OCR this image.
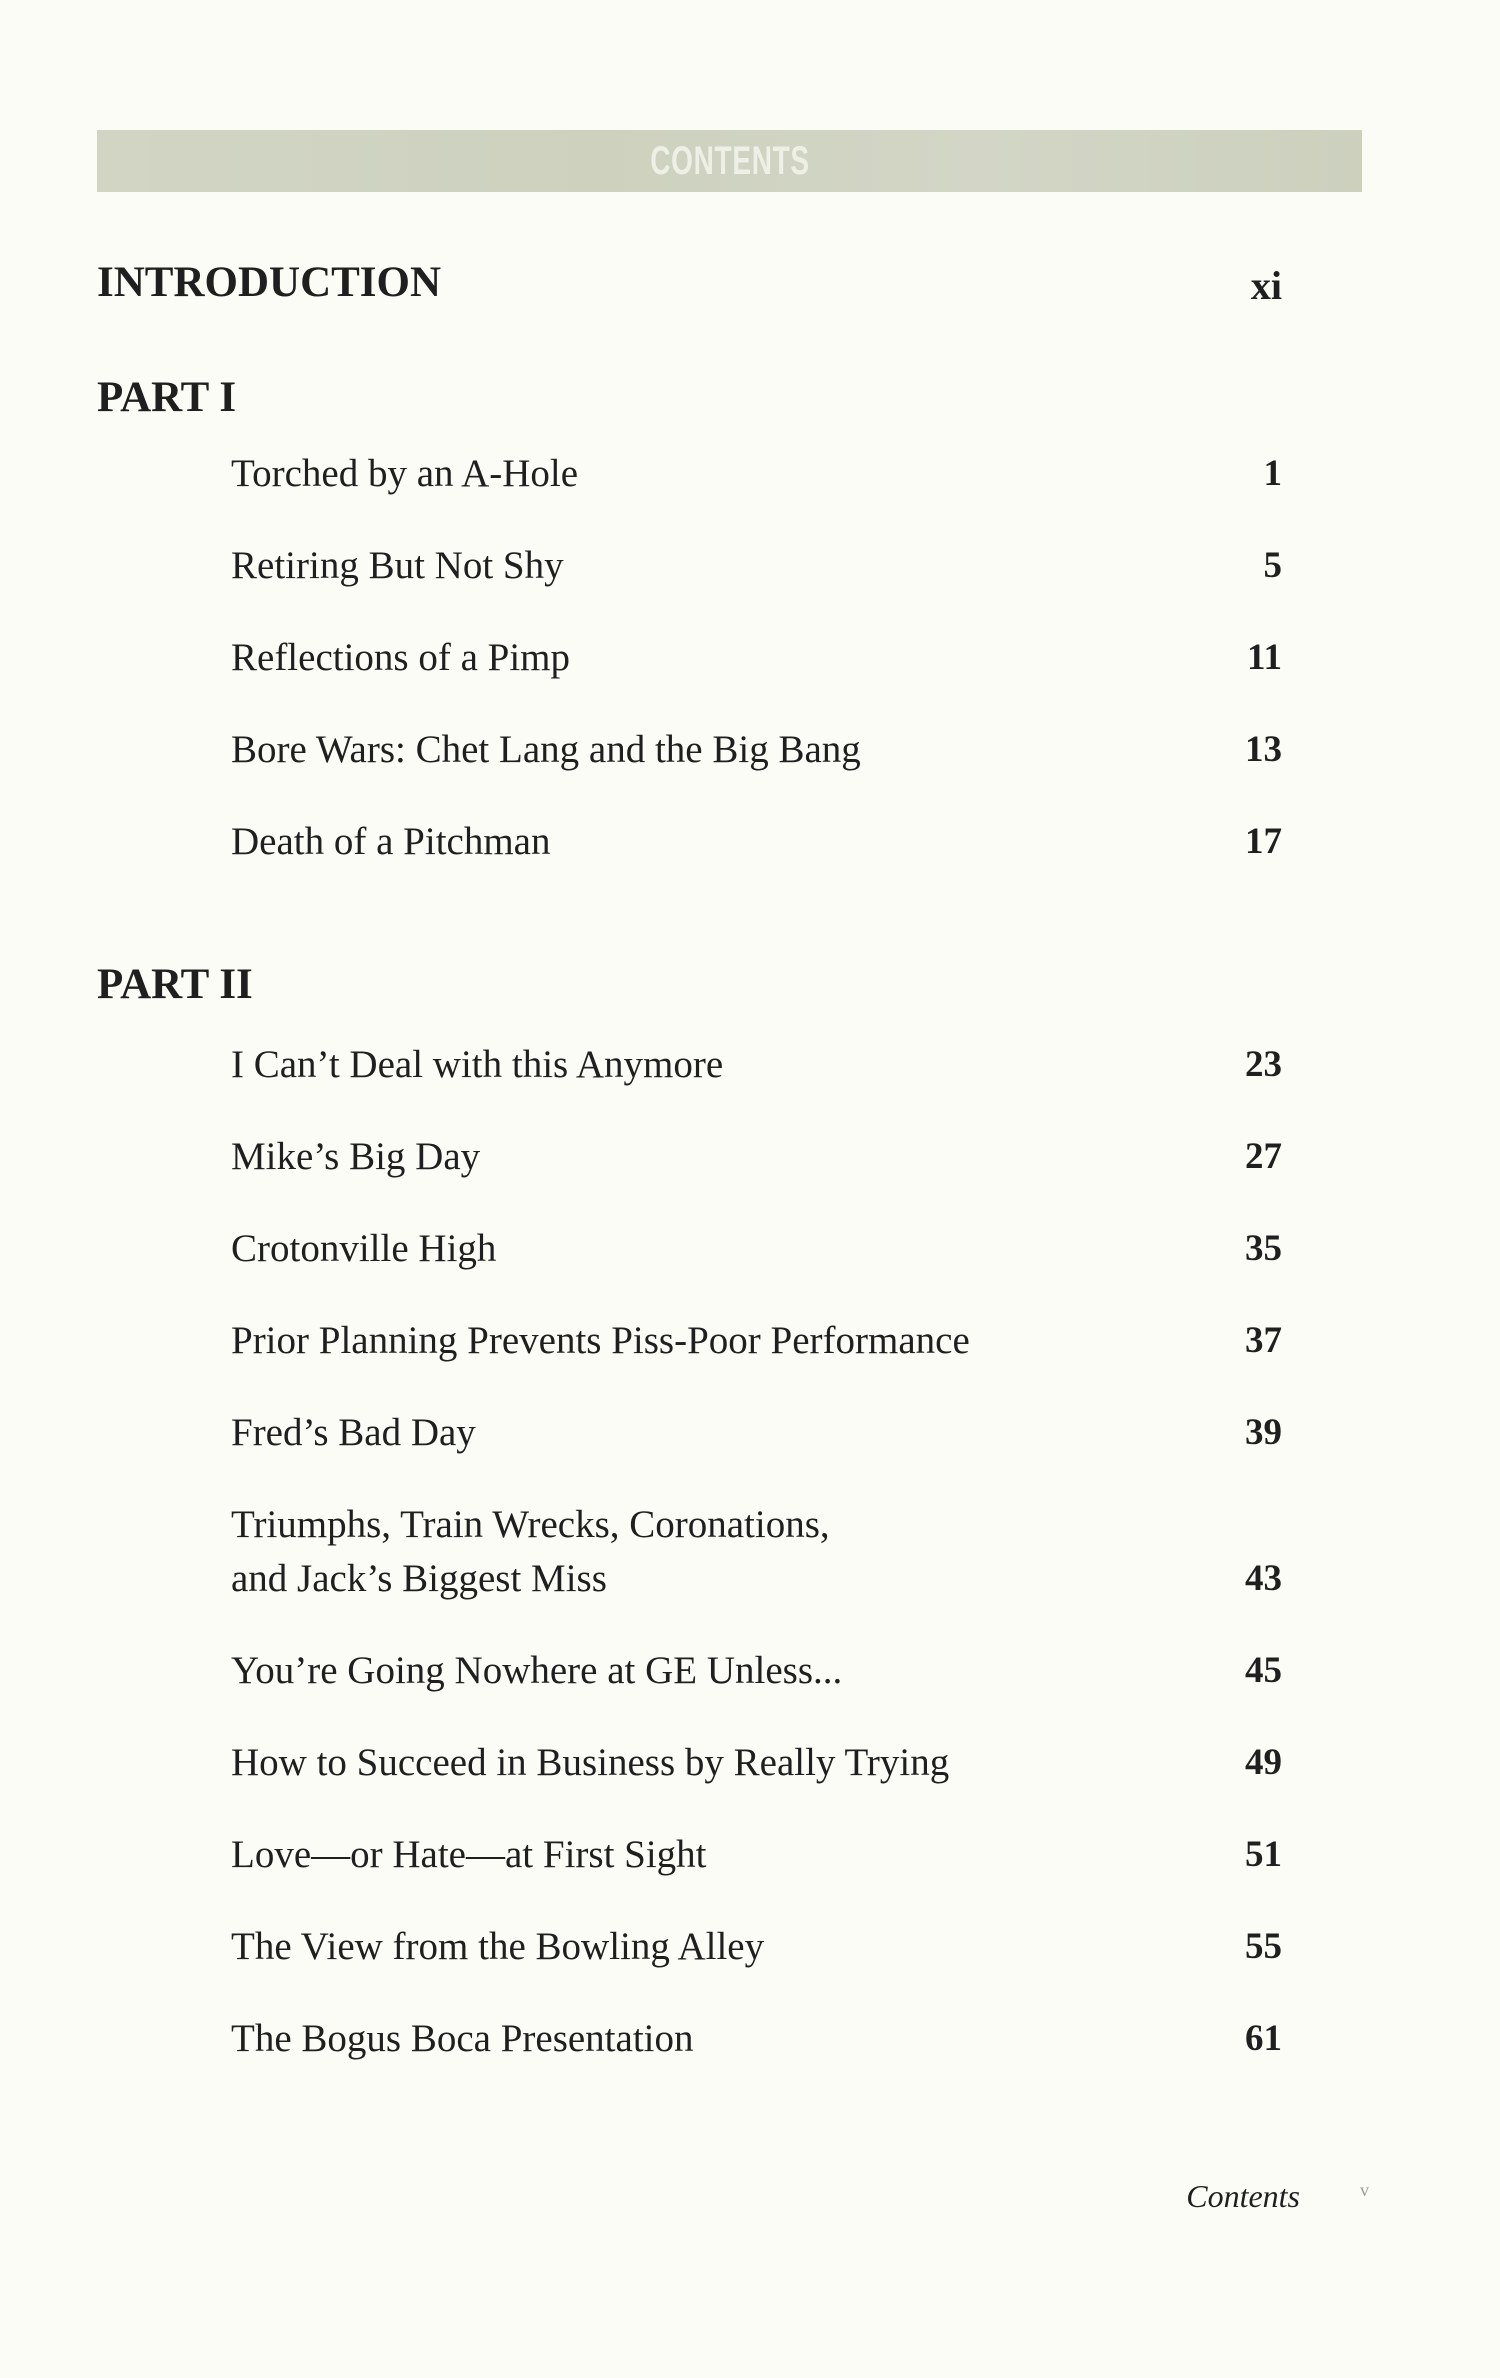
CONTENTS
INTRODUCTION	xi
PART I
Torched by an A-Hole	1
Retiring But Not Shy	5
Reflections of a Pimp	11
Bore Wars: Chet Lang and the Big Bang	13
Death of a Pitchman	17
PART II
I Can’t Deal with this Anymore	23
Mike’s Big Day	27
Crotonville High	35
Prior Planning Prevents Piss-Poor Performance	37
Fred’s Bad Day	39
Triumphs, Train Wrecks, Coronations,
and Jack’s Biggest Miss	43
You’re Going Nowhere at GE Unless...	45
How to Succeed in Business by Really Trying	49
Love—or Hate—at First Sight	51
The View from the Bowling Alley	55
The Bogus Boca Presentation	61
Contents	v
